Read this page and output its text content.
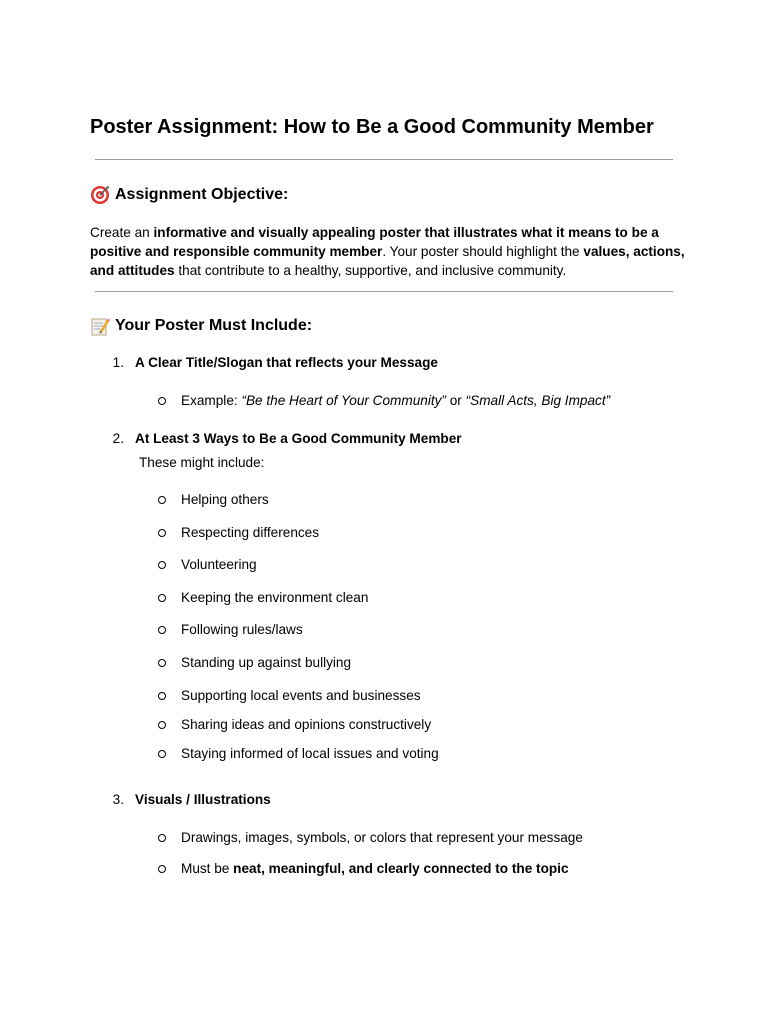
Poster Assignment: How to Be a Good Community Member
Assignment Objective:
Create an informative and visually appealing poster that illustrates what it means to be a positive and responsible community member. Your poster should highlight the values, actions, and attitudes that contribute to a healthy, supportive, and inclusive community.
Your Poster Must Include:
1. A Clear Title/Slogan that reflects your Message
Example: “Be the Heart of Your Community” or “Small Acts, Big Impact”
2. At Least 3 Ways to Be a Good Community Member
These might include:
Helping others
Respecting differences
Volunteering
Keeping the environment clean
Following rules/laws
Standing up against bullying
Supporting local events and businesses
Sharing ideas and opinions constructively
Staying informed of local issues and voting
3. Visuals / Illustrations
Drawings, images, symbols, or colors that represent your message
Must be neat, meaningful, and clearly connected to the topic
